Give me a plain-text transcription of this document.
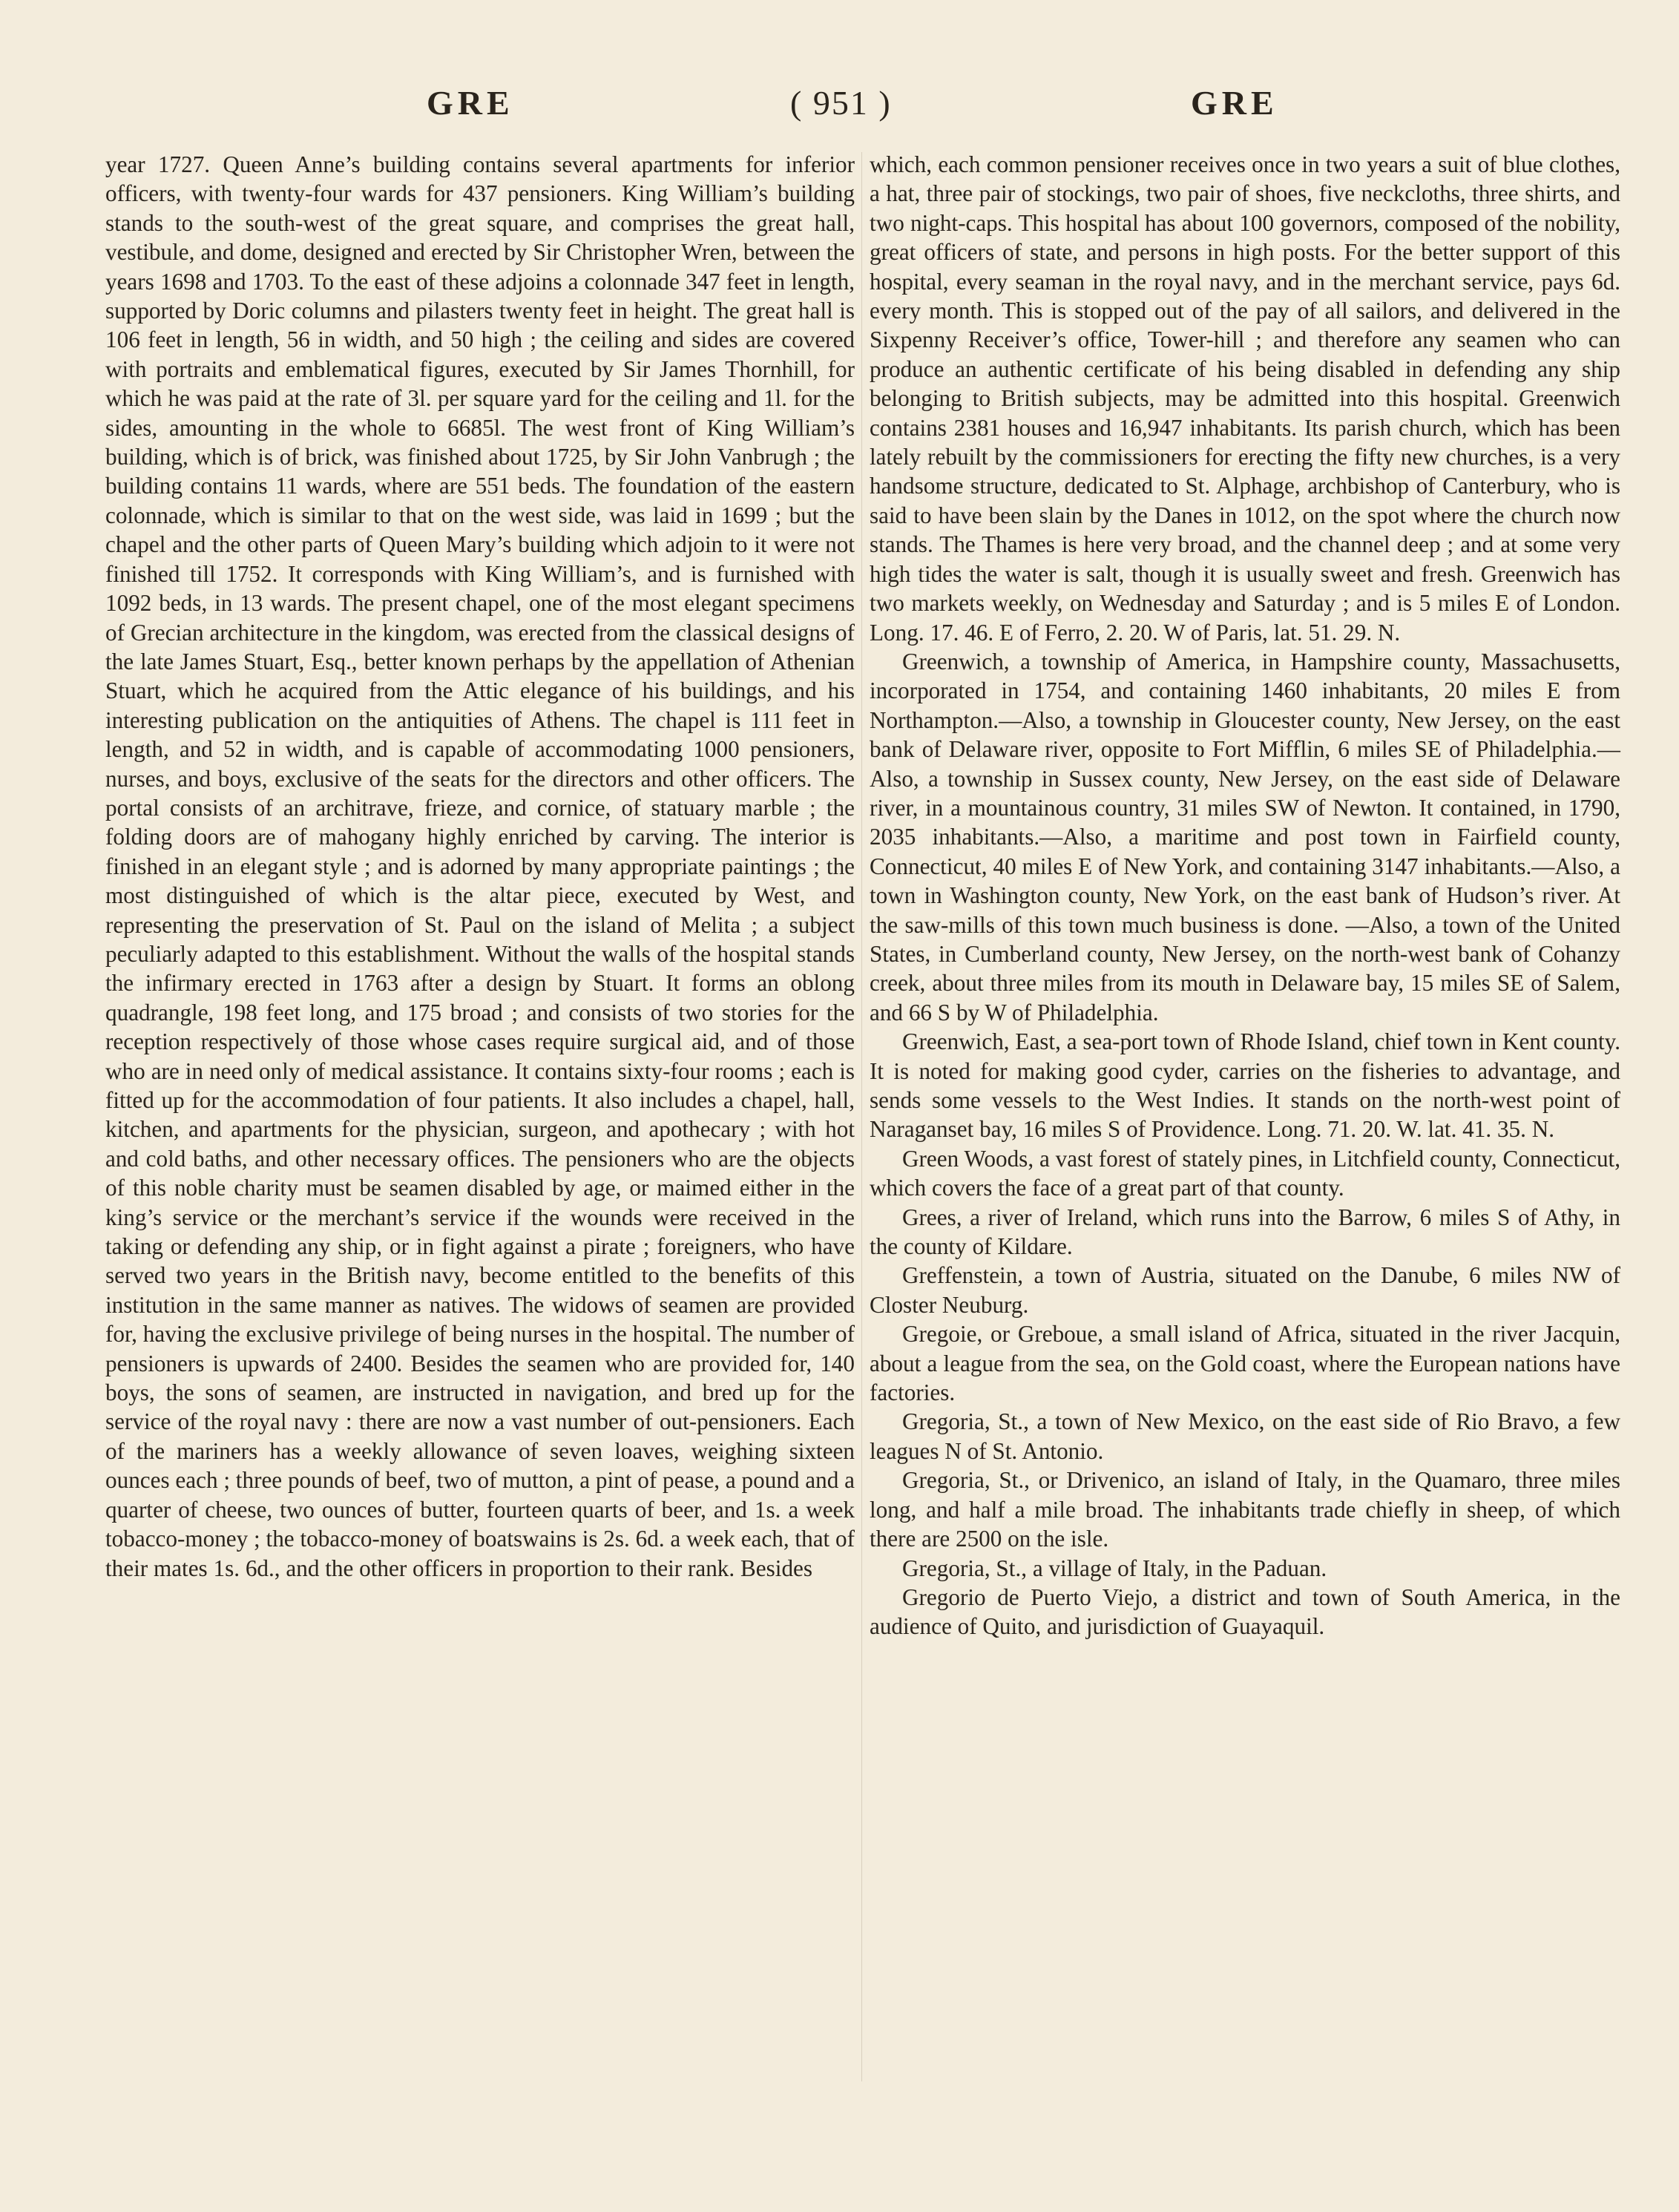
GRE	( 951 )	GRE

year 1727. Queen Anne’s building contains several apartments for inferior officers, with twenty-four wards for 437 pensioners. King William’s building stands to the south-west of the great square, and comprises the great hall, vestibule, and dome, designed and erected by Sir Christopher Wren, between the years 1698 and 1703. To the east of these adjoins a colonnade 347 feet in length, supported by Doric columns and pilasters twenty feet in height. The great hall is 106 feet in length, 56 in width, and 50 high ; the ceiling and sides are covered with portraits and emblematical figures, executed by Sir James Thornhill, for which he was paid at the rate of 3l. per square yard for the ceiling and 1l. for the sides, amounting in the whole to 6685l. The west front of King William’s building, which is of brick, was finished about 1725, by Sir John Vanbrugh ; the building contains 11 wards, where are 551 beds. The foundation of the eastern colonnade, which is similar to that on the west side, was laid in 1699 ; but the chapel and the other parts of Queen Mary’s building which adjoin to it were not finished till 1752. It corresponds with King William’s, and is furnished with 1092 beds, in 13 wards. The present chapel, one of the most elegant specimens of Grecian architecture in the kingdom, was erected from the classical designs of the late James Stuart, Esq., better known perhaps by the appellation of Athenian Stuart, which he acquired from the Attic elegance of his buildings, and his interesting publication on the antiquities of Athens. The chapel is 111 feet in length, and 52 in width, and is capable of accommodating 1000 pensioners, nurses, and boys, exclusive of the seats for the directors and other officers. The portal consists of an architrave, frieze, and cornice, of statuary marble ; the folding doors are of mahogany highly enriched by carving. The interior is finished in an elegant style ; and is adorned by many appropriate paintings ; the most distinguished of which is the altar piece, executed by West, and representing the preservation of St. Paul on the island of Melita ; a subject peculiarly adapted to this establishment. Without the walls of the hospital stands the infirmary erected in 1763 after a design by Stuart. It forms an oblong quadrangle, 198 feet long, and 175 broad ; and consists of two stories for the reception respectively of those whose cases require surgical aid, and of those who are in need only of medical assistance. It contains sixty-four rooms ; each is fitted up for the accommodation of four patients. It also includes a chapel, hall, kitchen, and apartments for the physician, surgeon, and apothecary ; with hot and cold baths, and other necessary offices. The pensioners who are the objects of this noble charity must be seamen disabled by age, or maimed either in the king’s service or the merchant’s service if the wounds were received in the taking or defending any ship, or in fight against a pirate ; foreigners, who have served two years in the British navy, become entitled to the benefits of this institution in the same manner as natives. The widows of seamen are provided for, having the exclusive privilege of being nurses in the hospital. The number of pensioners is upwards of 2400. Besides the seamen who are provided for, 140 boys, the sons of seamen, are instructed in navigation, and bred up for the service of the royal navy : there are now a vast number of out-pensioners. Each of the mariners has a weekly allowance of seven loaves, weighing sixteen ounces each ; three pounds of beef, two of mutton, a pint of pease, a pound and a quarter of cheese, two ounces of butter, fourteen quarts of beer, and 1s. a week tobacco-money ; the tobacco-money of boatswains is 2s. 6d. a week each, that of their mates 1s. 6d., and the other officers in proportion to their rank. Besides

which, each common pensioner receives once in two years a suit of blue clothes, a hat, three pair of stockings, two pair of shoes, five neckcloths, three shirts, and two night-caps. This hospital has about 100 governors, composed of the nobility, great officers of state, and persons in high posts. For the better support of this hospital, every seaman in the royal navy, and in the merchant service, pays 6d. every month. This is stopped out of the pay of all sailors, and delivered in the Sixpenny Receiver’s office, Tower-hill ; and therefore any seamen who can produce an authentic certificate of his being disabled in defending any ship belonging to British subjects, may be admitted into this hospital. Greenwich contains 2381 houses and 16,947 inhabitants. Its parish church, which has been lately rebuilt by the commissioners for erecting the fifty new churches, is a very handsome structure, dedicated to St. Alphage, archbishop of Canterbury, who is said to have been slain by the Danes in 1012, on the spot where the church now stands. The Thames is here very broad, and the channel deep ; and at some very high tides the water is salt, though it is usually sweet and fresh. Greenwich has two markets weekly, on Wednesday and Saturday ; and is 5 miles E of London. Long. 17. 46. E of Ferro, 2. 20. W of Paris, lat. 51. 29. N.

Greenwich, a township of America, in Hampshire county, Massachusetts, incorporated in 1754, and containing 1460 inhabitants, 20 miles E from Northampton.—Also, a township in Gloucester county, New Jersey, on the east bank of Delaware river, opposite to Fort Mifflin, 6 miles SE of Philadelphia.—Also, a township in Sussex county, New Jersey, on the east side of Delaware river, in a mountainous country, 31 miles SW of Newton. It contained, in 1790, 2035 inhabitants.—Also, a maritime and post town in Fairfield county, Connecticut, 40 miles E of New York, and containing 3147 inhabitants.—Also, a town in Washington county, New York, on the east bank of Hudson’s river. At the saw-mills of this town much business is done. —Also, a town of the United States, in Cumberland county, New Jersey, on the north-west bank of Cohanzy creek, about three miles from its mouth in Delaware bay, 15 miles SE of Salem, and 66 S by W of Philadelphia.

Greenwich, East, a sea-port town of Rhode Island, chief town in Kent county. It is noted for making good cyder, carries on the fisheries to advantage, and sends some vessels to the West Indies. It stands on the north-west point of Naraganset bay, 16 miles S of Providence. Long. 71. 20. W. lat. 41. 35. N.

Green Woods, a vast forest of stately pines, in Litchfield county, Connecticut, which covers the face of a great part of that county.

Grees, a river of Ireland, which runs into the Barrow, 6 miles S of Athy, in the county of Kildare.

Greffenstein, a town of Austria, situated on the Danube, 6 miles NW of Closter Neuburg.

Gregoie, or Greboue, a small island of Africa, situated in the river Jacquin, about a league from the sea, on the Gold coast, where the European nations have factories.

Gregoria, St., a town of New Mexico, on the east side of Rio Bravo, a few leagues N of St. Antonio.

Gregoria, St., or Drivenico, an island of Italy, in the Quamaro, three miles long, and half a mile broad. The inhabitants trade chiefly in sheep, of which there are 2500 on the isle.

Gregoria, St., a village of Italy, in the Paduan.

Gregorio de Puerto Viejo, a district and town of South America, in the audience of Quito, and jurisdiction of Guayaquil.
